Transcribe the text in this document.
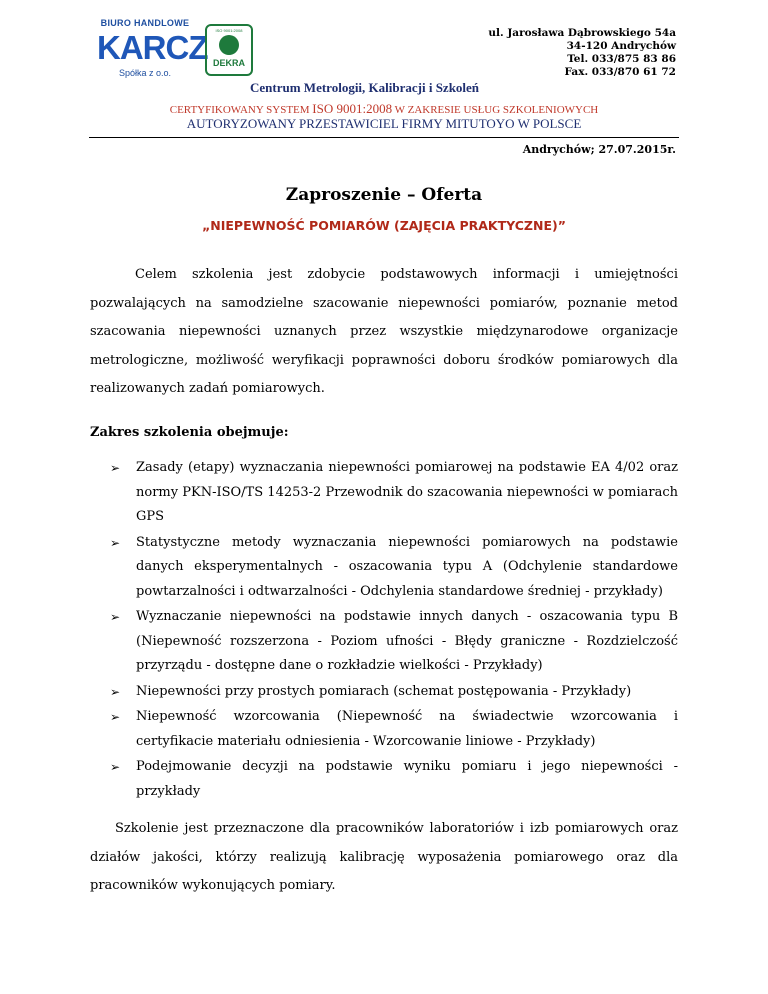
BIURO HANDLOWE
KARCZ
Spółka z o.o.
ISO 9001:2008
DEKRA
ul. Jarosława Dąbrowskiego 54a
34-120 Andrychów
Tel. 033/875 83 86
Fax. 033/870 61 72
Centrum Metrologii, Kalibracji i Szkoleń
CERTYFIKOWANY SYSTEM ISO 9001:2008 W ZAKRESIE USŁUG SZKOLENIOWYCH
AUTORYZOWANY PRZESTAWICIEL FIRMY MITUTOYO W POLSCE
Andrychów; 27.07.2015r.
Zaproszenie – Oferta
„NIEPEWNOŚĆ POMIARÓW (ZAJĘCIA PRAKTYCZNE)”
Celem szkolenia jest zdobycie podstawowych informacji i umiejętności pozwalających na samodzielne szacowanie niepewności pomiarów, poznanie metod szacowania niepewności uznanych przez wszystkie międzynarodowe organizacje metrologiczne, możliwość weryfikacji poprawności doboru środków pomiarowych dla realizowanych zadań pomiarowych.
Zakres szkolenia obejmuje:
➢ Zasady (etapy) wyznaczania niepewności pomiarowej na podstawie EA 4/02 oraz normy PKN-ISO/TS 14253-2 Przewodnik do szacowania niepewności w pomiarach GPS
➢ Statystyczne metody wyznaczania niepewności pomiarowych na podstawie danych eksperymentalnych - oszacowania typu A (Odchylenie standardowe powtarzalności i odtwarzalności - Odchylenia standardowe średniej - przykłady)
➢ Wyznaczanie niepewności na podstawie innych danych - oszacowania typu B (Niepewność rozszerzona - Poziom ufności - Błędy graniczne - Rozdzielczość przyrządu - dostępne dane o rozkładzie wielkości - Przykłady)
➢ Niepewności przy prostych pomiarach (schemat postępowania - Przykłady)
➢ Niepewność wzorcowania (Niepewność na świadectwie wzorcowania i certyfikacie materiału odniesienia - Wzorcowanie liniowe - Przykłady)
➢ Podejmowanie decyzji na podstawie wyniku pomiaru i jego niepewności - przykłady
Szkolenie jest przeznaczone dla pracowników laboratoriów i izb pomiarowych oraz działów jakości, którzy realizują kalibrację wyposażenia pomiarowego oraz dla pracowników wykonujących pomiary.
